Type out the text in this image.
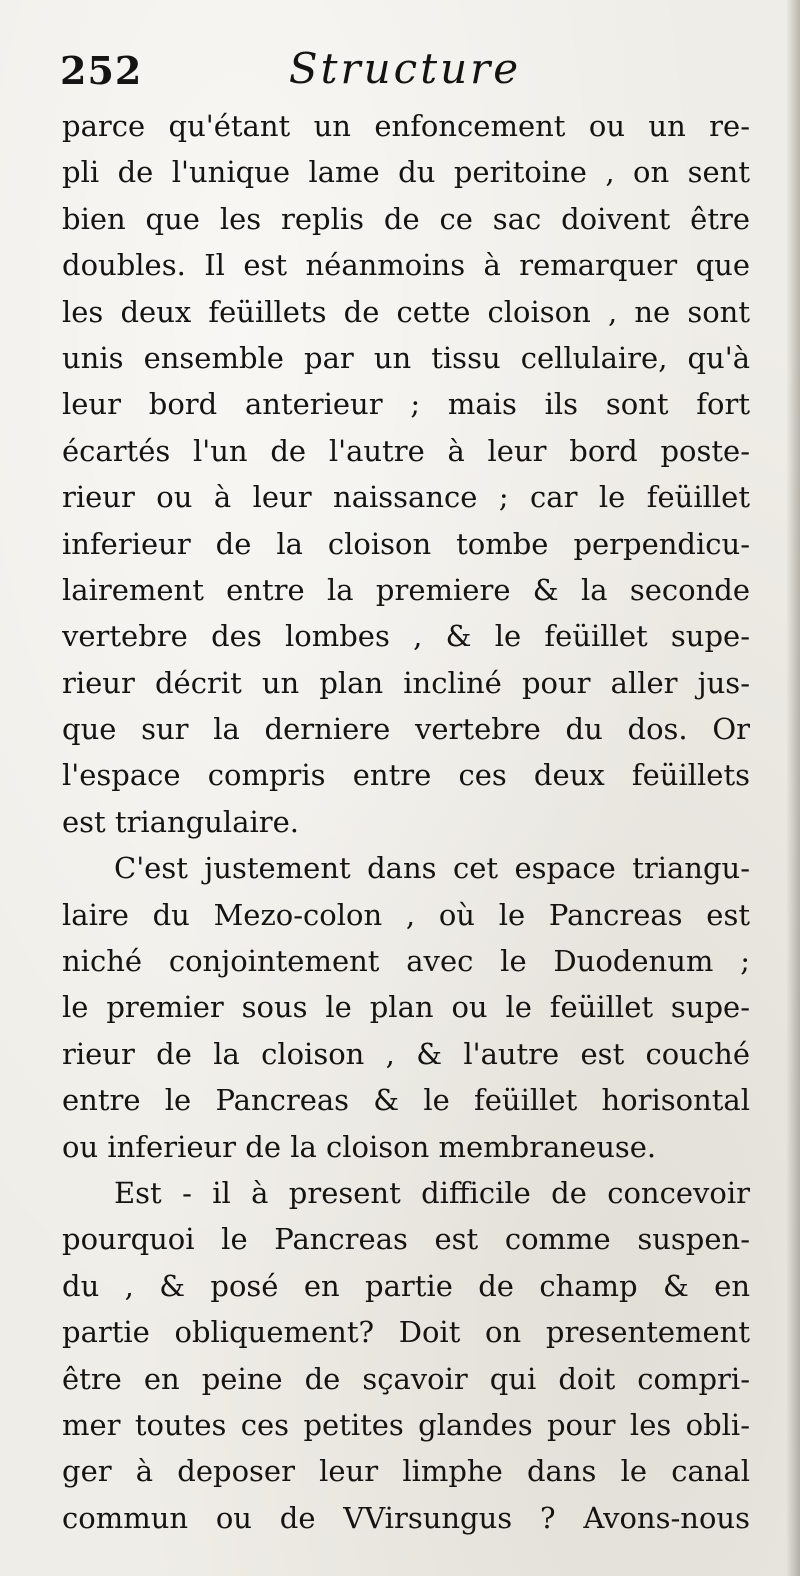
252	Structure
parce qu'étant un enfoncement ou un re-
pli de l'unique lame du peritoine , on sent
bien que les replis de ce sac doivent être
doubles. Il est néanmoins à remarquer que
les deux feüillets de cette cloison , ne sont
unis ensemble par un tissu cellulaire, qu'à
leur bord anterieur ; mais ils sont fort
écartés l'un de l'autre à leur bord poste-
rieur ou à leur naissance ; car le feüillet
inferieur de la cloison tombe perpendicu-
lairement entre la premiere & la seconde
vertebre des lombes , & le feüillet supe-
rieur décrit un plan incliné pour aller jus-
que sur la derniere vertebre du dos. Or
l'espace compris entre ces deux feüillets
est triangulaire.
C'est justement dans cet espace triangu-
laire du Mezo-colon , où le Pancreas est
niché conjointement avec le Duodenum ;
le premier sous le plan ou le feüillet supe-
rieur de la cloison , & l'autre est couché
entre le Pancreas & le feüillet horisontal
ou inferieur de la cloison membraneuse.
Est - il à present difficile de concevoir
pourquoi le Pancreas est comme suspen-
du , & posé en partie de champ & en
partie obliquement? Doit on presentement
être en peine de sçavoir qui doit compri-
mer toutes ces petites glandes pour les obli-
ger à deposer leur limphe dans le canal
commun ou de VVirsungus ? Avons-nous
